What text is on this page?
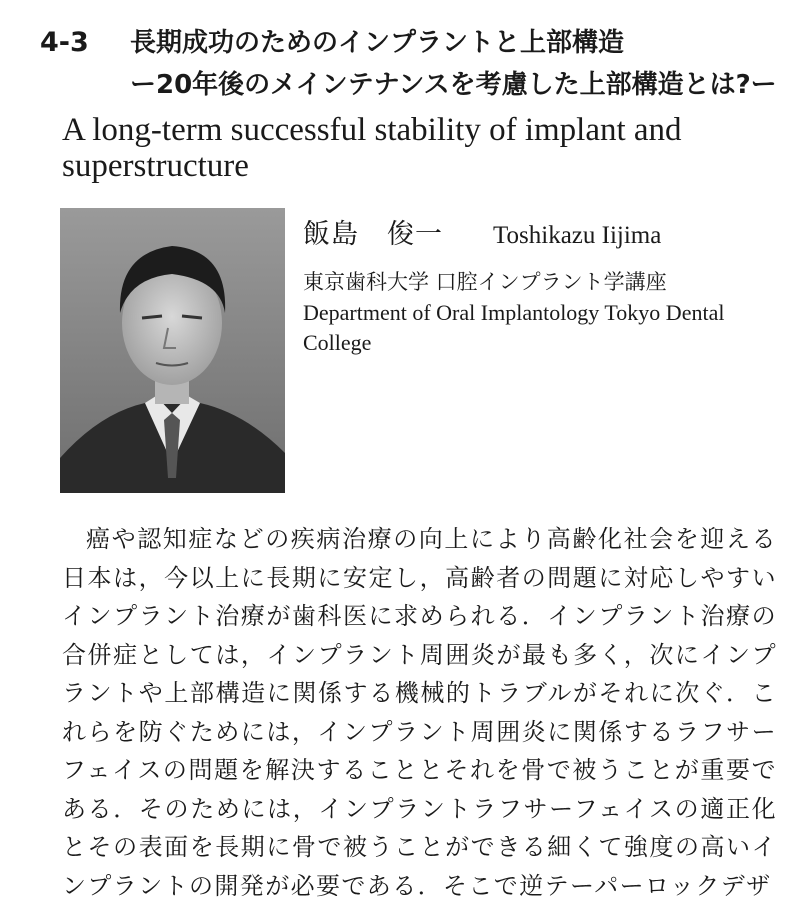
4-3	長期成功のためのインプラントと上部構造
ー20年後のメインテナンスを考慮した上部構造とは?ー
A long-term successful stability of implant and superstructure
飯島　俊一	Toshikazu Iijima
東京歯科大学 口腔インプラント学講座
Department of Oral Implantology Tokyo Dental College
癌や認知症などの疾病治療の向上により高齢化社会を迎える日本は，今以上に長期に安定し，高齢者の問題に対応しやすいインプラント治療が歯科医に求められる．インプラント治療の合併症としては，インプラント周囲炎が最も多く，次にインプラントや上部構造に関係する機械的トラブルがそれに次ぐ．これらを防ぐためには，インプラント周囲炎に関係するラフサーフェイスの問題を解決することとそれを骨で被うことが重要である．そのためには，インプラントラフサーフェイスの適正化とその表面を長期に骨で被うことができる細くて強度の高いインプラントの開発が必要である．そこで逆テーパーロックデザ
